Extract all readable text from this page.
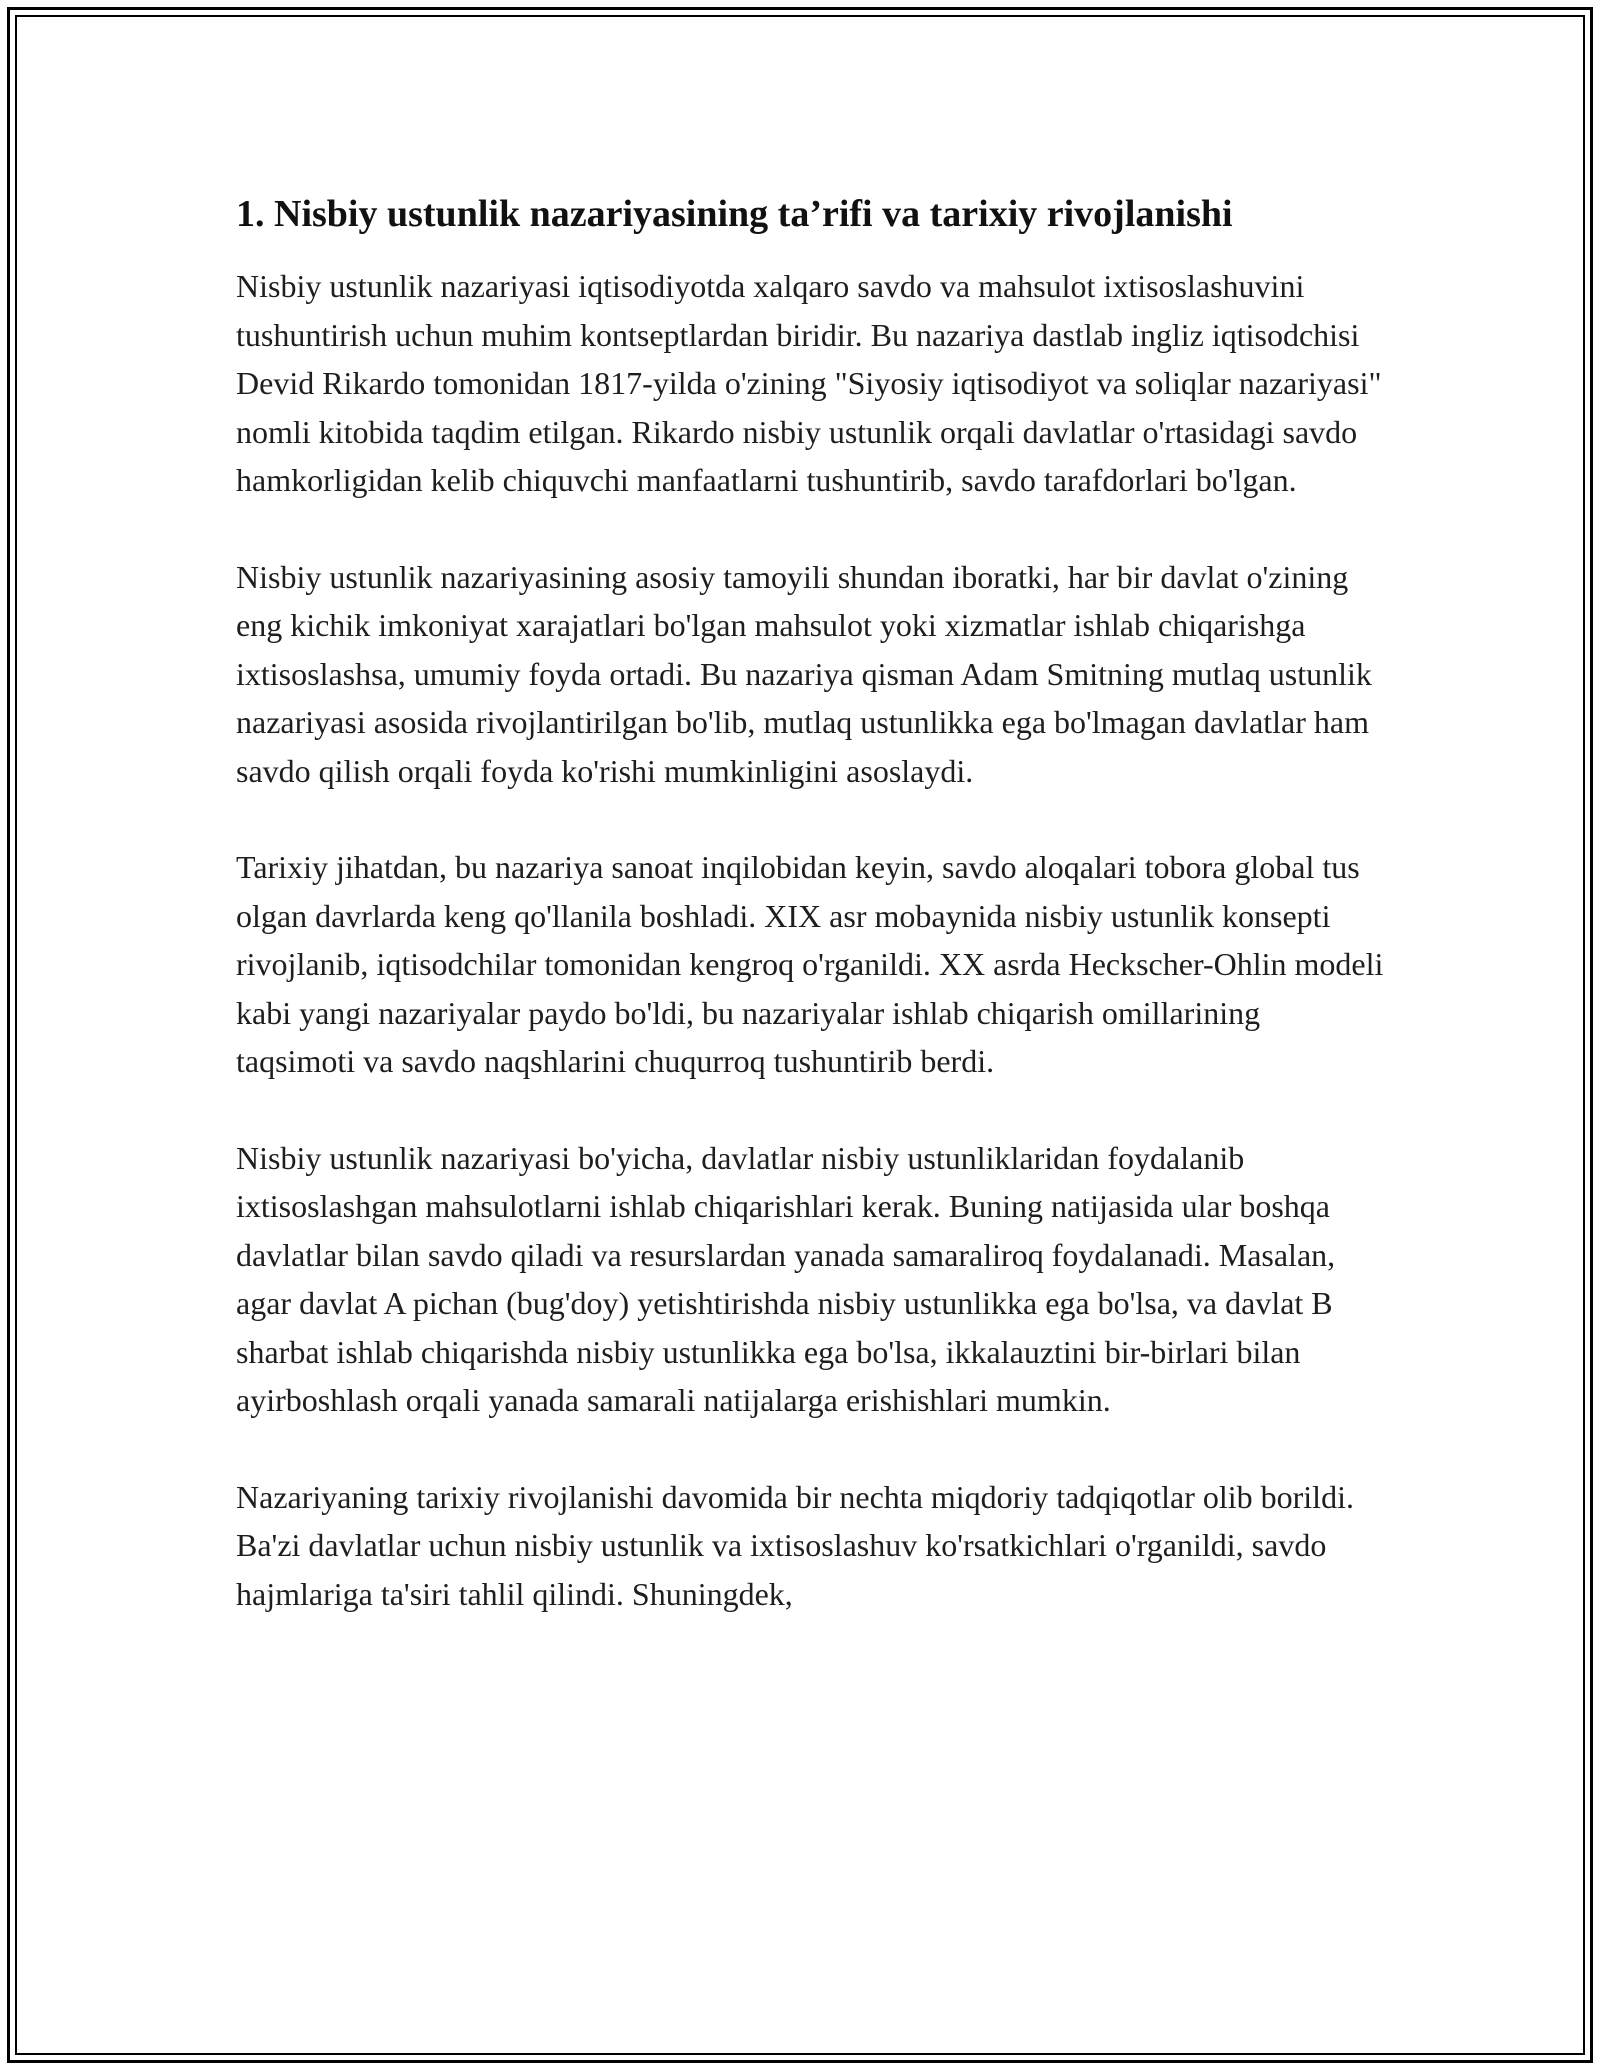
1. Nisbiy ustunlik nazariyasining ta’rifi va tarixiy rivojlanishi

Nisbiy ustunlik nazariyasi iqtisodiyotda xalqaro savdo va mahsulot ixtisoslashuvini tushuntirish uchun muhim kontseptlardan biridir. Bu nazariya dastlab ingliz iqtisodchisi Devid Rikardo tomonidan 1817-yilda o'zining "Siyosiy iqtisodiyot va soliqlar nazariyasi" nomli kitobida taqdim etilgan. Rikardo nisbiy ustunlik orqali davlatlar o'rtasidagi savdo hamkorligidan kelib chiquvchi manfaatlarni tushuntirib, savdo tarafdorlari bo'lgan.

Nisbiy ustunlik nazariyasining asosiy tamoyili shundan iboratki, har bir davlat o'zining eng kichik imkoniyat xarajatlari bo'lgan mahsulot yoki xizmatlar ishlab chiqarishga ixtisoslashsa, umumiy foyda ortadi. Bu nazariya qisman Adam Smitning mutlaq ustunlik nazariyasi asosida rivojlantirilgan bo'lib, mutlaq ustunlikka ega bo'lmagan davlatlar ham savdo qilish orqali foyda ko'rishi mumkinligini asoslaydi.

Tarixiy jihatdan, bu nazariya sanoat inqilobidan keyin, savdo aloqalari tobora global tus olgan davrlarda keng qo'llanila boshladi. XIX asr mobaynida nisbiy ustunlik konsepti rivojlanib, iqtisodchilar tomonidan kengroq o'rganildi. XX asrda Heckscher-Ohlin modeli kabi yangi nazariyalar paydo bo'ldi, bu nazariyalar ishlab chiqarish omillarining taqsimoti va savdo naqshlarini chuqurroq tushuntirib berdi.

Nisbiy ustunlik nazariyasi bo'yicha, davlatlar nisbiy ustunliklaridan foydalanib ixtisoslashgan mahsulotlarni ishlab chiqarishlari kerak. Buning natijasida ular boshqa davlatlar bilan savdo qiladi va resurslardan yanada samaraliroq foydalanadi. Masalan, agar davlat A pichan (bug'doy) yetishtirishda nisbiy ustunlikka ega bo'lsa, va davlat B sharbat ishlab chiqarishda nisbiy ustunlikka ega bo'lsa, ikkalauztini bir-birlari bilan ayirboshlash orqali yanada samarali natijalarga erishishlari mumkin.

Nazariyaning tarixiy rivojlanishi davomida bir nechta miqdoriy tadqiqotlar olib borildi. Ba'zi davlatlar uchun nisbiy ustunlik va ixtisoslashuv ko'rsatkichlari o'rganildi, savdo hajmlariga ta'siri tahlil qilindi. Shuningdek,
